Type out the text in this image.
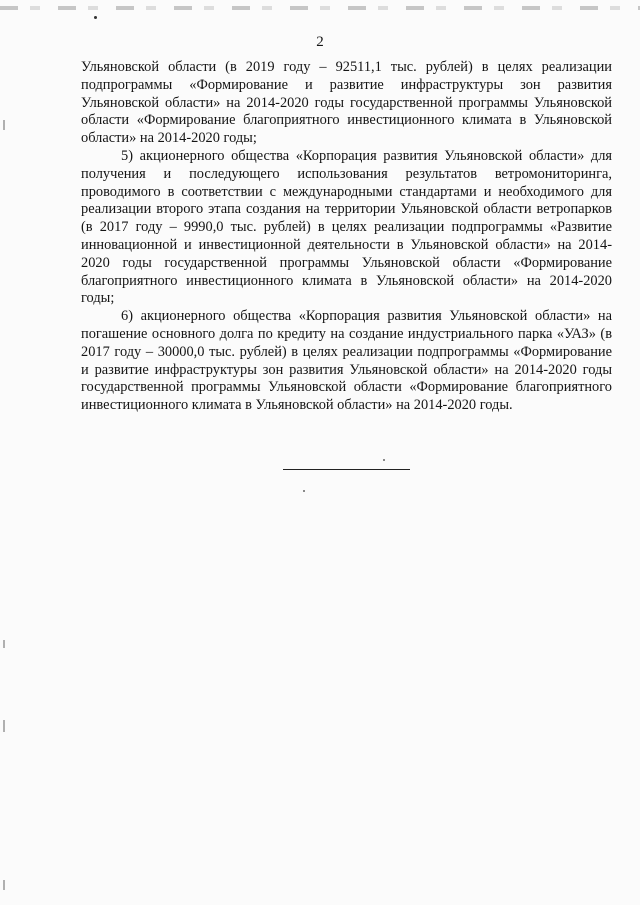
2

Ульяновской области (в 2019 году – 92511,1 тыс. рублей) в целях реализации подпрограммы «Формирование и развитие инфраструктуры зон развития Ульяновской области» на 2014-2020 годы государственной программы Ульяновской области «Формирование благоприятного инвестиционного климата в Ульяновской области» на 2014-2020 годы;

5) акционерного общества «Корпорация развития Ульяновской области» для получения и последующего использования результатов ветромониторинга, проводимого в соответствии с международными стандартами и необходимого для реализации второго этапа создания на территории Ульяновской области ветропарков (в 2017 году – 9990,0 тыс. рублей) в целях реализации подпрограммы «Развитие инновационной и инвестиционной деятельности в Ульяновской области» на 2014-2020 годы государственной программы Ульяновской области «Формирование благоприятного инвестиционного климата в Ульяновской области» на 2014-2020 годы;

6) акционерного общества «Корпорация развития Ульяновской области» на погашение основного долга по кредиту на создание индустриального парка «УАЗ» (в 2017 году – 30000,0 тыс. рублей) в целях реализации подпрограммы «Формирование и развитие инфраструктуры зон развития Ульяновской области» на 2014-2020 годы государственной программы Ульяновской области «Формирование благоприятного инвестиционного климата в Ульяновской области» на 2014-2020 годы.
